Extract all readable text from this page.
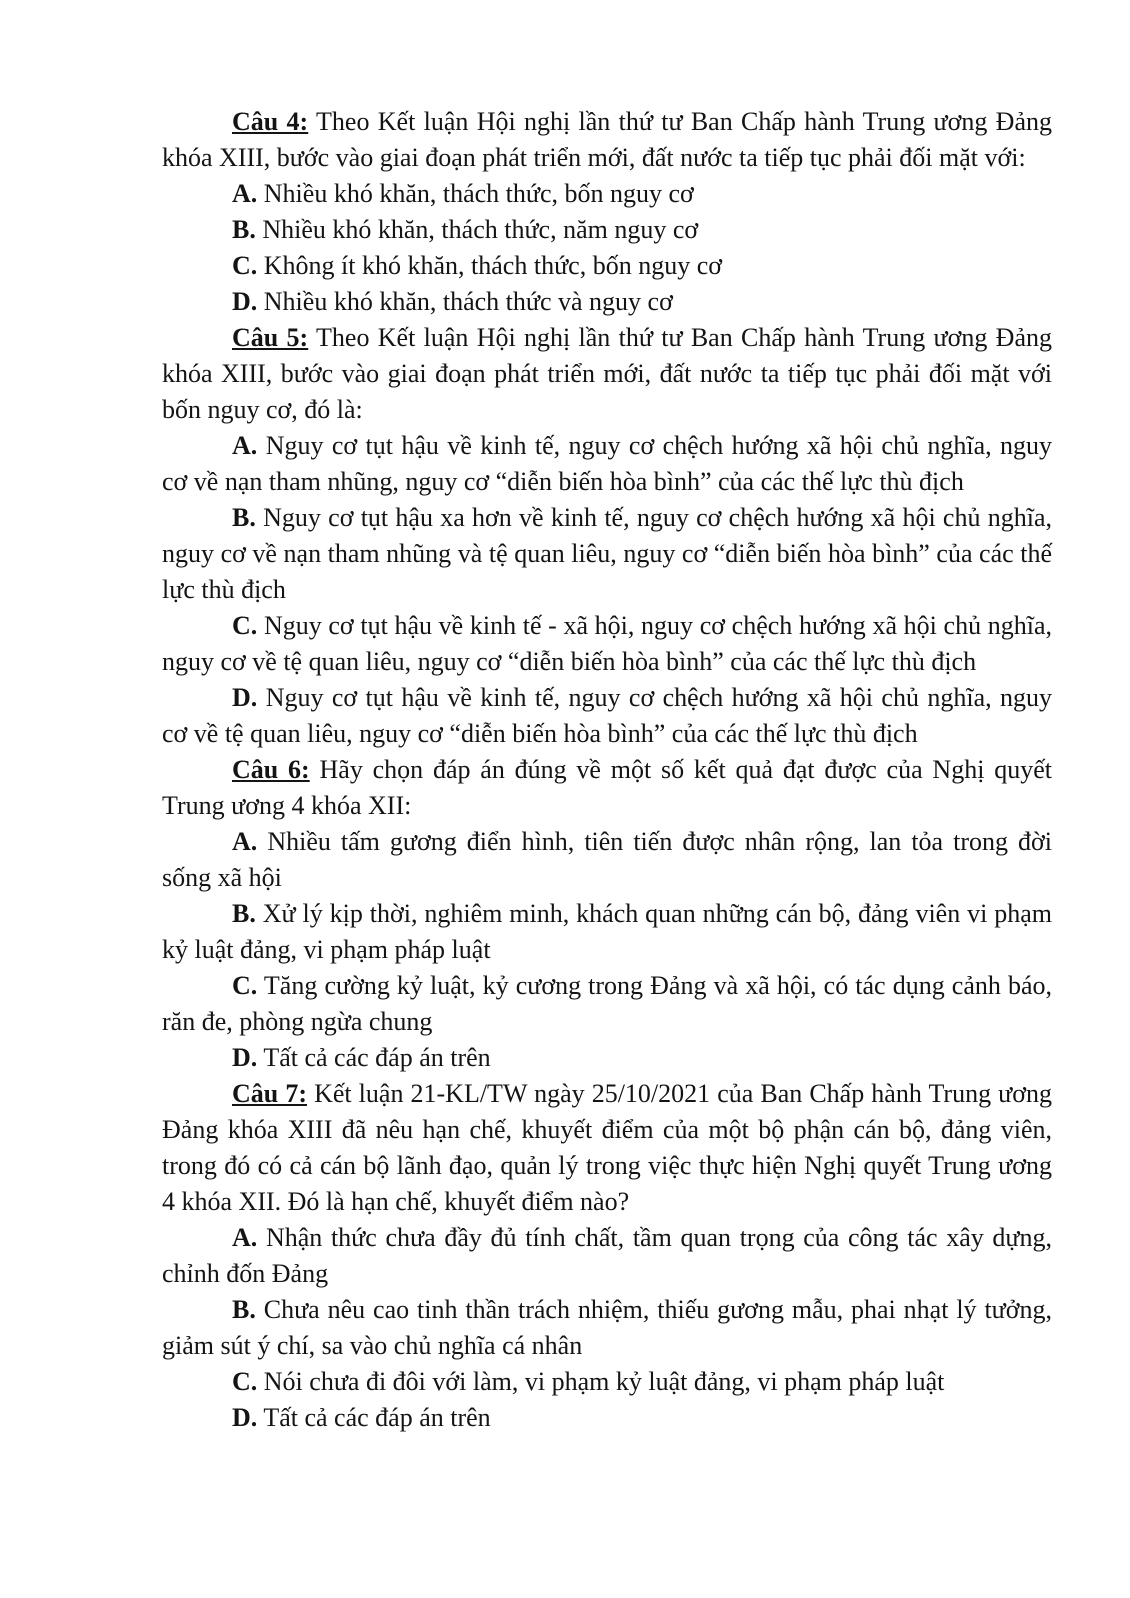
Câu 4: Theo Kết luận Hội nghị lần thứ tư Ban Chấp hành Trung ương Đảng khóa XIII, bước vào giai đoạn phát triển mới, đất nước ta tiếp tục phải đối mặt với:

A. Nhiều khó khăn, thách thức, bốn nguy cơ

B. Nhiều khó khăn, thách thức, năm nguy cơ

C. Không ít khó khăn, thách thức, bốn nguy cơ

D. Nhiều khó khăn, thách thức và nguy cơ

Câu 5: Theo Kết luận Hội nghị lần thứ tư Ban Chấp hành Trung ương Đảng khóa XIII, bước vào giai đoạn phát triển mới, đất nước ta tiếp tục phải đối mặt với bốn nguy cơ, đó là:

A. Nguy cơ tụt hậu về kinh tế, nguy cơ chệch hướng xã hội chủ nghĩa, nguy cơ về nạn tham nhũng, nguy cơ “diễn biến hòa bình” của các thế lực thù địch

B. Nguy cơ tụt hậu xa hơn về kinh tế, nguy cơ chệch hướng xã hội chủ nghĩa, nguy cơ về nạn tham nhũng và tệ quan liêu, nguy cơ “diễn biến hòa bình” của các thế lực thù địch

C. Nguy cơ tụt hậu về kinh tế - xã hội, nguy cơ chệch hướng xã hội chủ nghĩa, nguy cơ về tệ quan liêu, nguy cơ “diễn biến hòa bình” của các thế lực thù địch

D. Nguy cơ tụt hậu về kinh tế, nguy cơ chệch hướng xã hội chủ nghĩa, nguy cơ về tệ quan liêu, nguy cơ “diễn biến hòa bình” của các thế lực thù địch

Câu 6: Hãy chọn đáp án đúng về một số kết quả đạt được của Nghị quyết Trung ương 4 khóa XII:

A. Nhiều tấm gương điển hình, tiên tiến được nhân rộng, lan tỏa trong đời sống xã hội

B. Xử lý kịp thời, nghiêm minh, khách quan những cán bộ, đảng viên vi phạm kỷ luật đảng, vi phạm pháp luật

C. Tăng cường kỷ luật, kỷ cương trong Đảng và xã hội, có tác dụng cảnh báo, răn đe, phòng ngừa chung

D. Tất cả các đáp án trên

Câu 7: Kết luận 21-KL/TW ngày 25/10/2021 của Ban Chấp hành Trung ương Đảng khóa XIII đã nêu hạn chế, khuyết điểm của một bộ phận cán bộ, đảng viên, trong đó có cả cán bộ lãnh đạo, quản lý trong việc thực hiện Nghị quyết Trung ương 4 khóa XII. Đó là hạn chế, khuyết điểm nào?

A. Nhận thức chưa đầy đủ tính chất, tầm quan trọng của công tác xây dựng, chỉnh đốn Đảng

B. Chưa nêu cao tinh thần trách nhiệm, thiếu gương mẫu, phai nhạt lý tưởng, giảm sút ý chí, sa vào chủ nghĩa cá nhân

C. Nói chưa đi đôi với làm, vi phạm kỷ luật đảng, vi phạm pháp luật

D. Tất cả các đáp án trên
